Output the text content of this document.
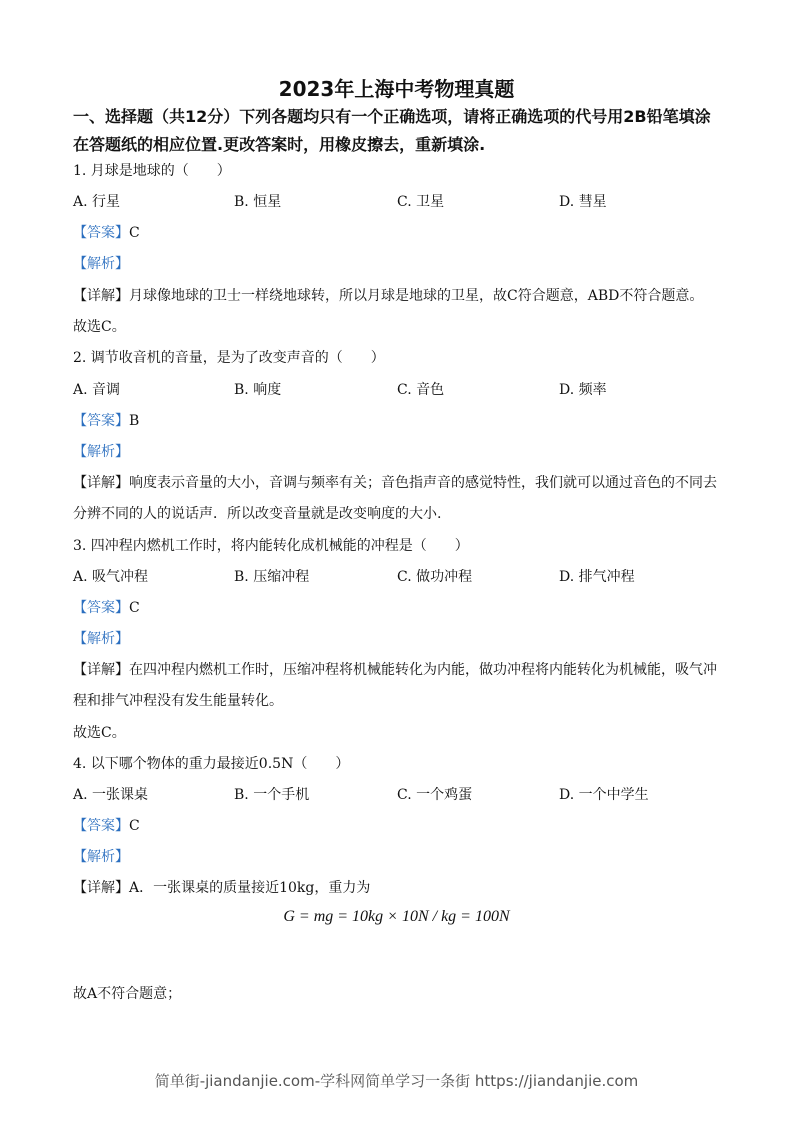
2023年上海中考物理真题
一、选择题（共12分）下列各题均只有一个正确选项，请将正确选项的代号用2B铅笔填涂
在答题纸的相应位置.更改答案时，用橡皮擦去，重新填涂.
1. 月球是地球的（　　）
A. 行星	B. 恒星	C. 卫星	D. 彗星
【答案】C
【解析】
【详解】月球像地球的卫士一样绕地球转，所以月球是地球的卫星，故C符合题意，ABD不符合题意。
故选C。
2. 调节收音机的音量，是为了改变声音的（　　）
A. 音调	B. 响度	C. 音色	D. 频率
【答案】B
【解析】
【详解】响度表示音量的大小，音调与频率有关；音色指声音的感觉特性，我们就可以通过音色的不同去
分辨不同的人的说话声．所以改变音量就是改变响度的大小.
3. 四冲程内燃机工作时，将内能转化成机械能的冲程是（　　）
A. 吸气冲程	B. 压缩冲程	C. 做功冲程	D. 排气冲程
【答案】C
【解析】
【详解】在四冲程内燃机工作时，压缩冲程将机械能转化为内能，做功冲程将内能转化为机械能，吸气冲
程和排气冲程没有发生能量转化。
故选C。
4. 以下哪个物体的重力最接近0.5N（　　）
A. 一张课桌	B. 一个手机	C. 一个鸡蛋	D. 一个中学生
【答案】C
【解析】
【详解】A．一张课桌的质量接近10kg，重力为
G = mg = 10kg × 10N / kg = 100N
故A不符合题意；
简单街-jiandanjie.com-学科网简单学习一条街 https://jiandanjie.com
